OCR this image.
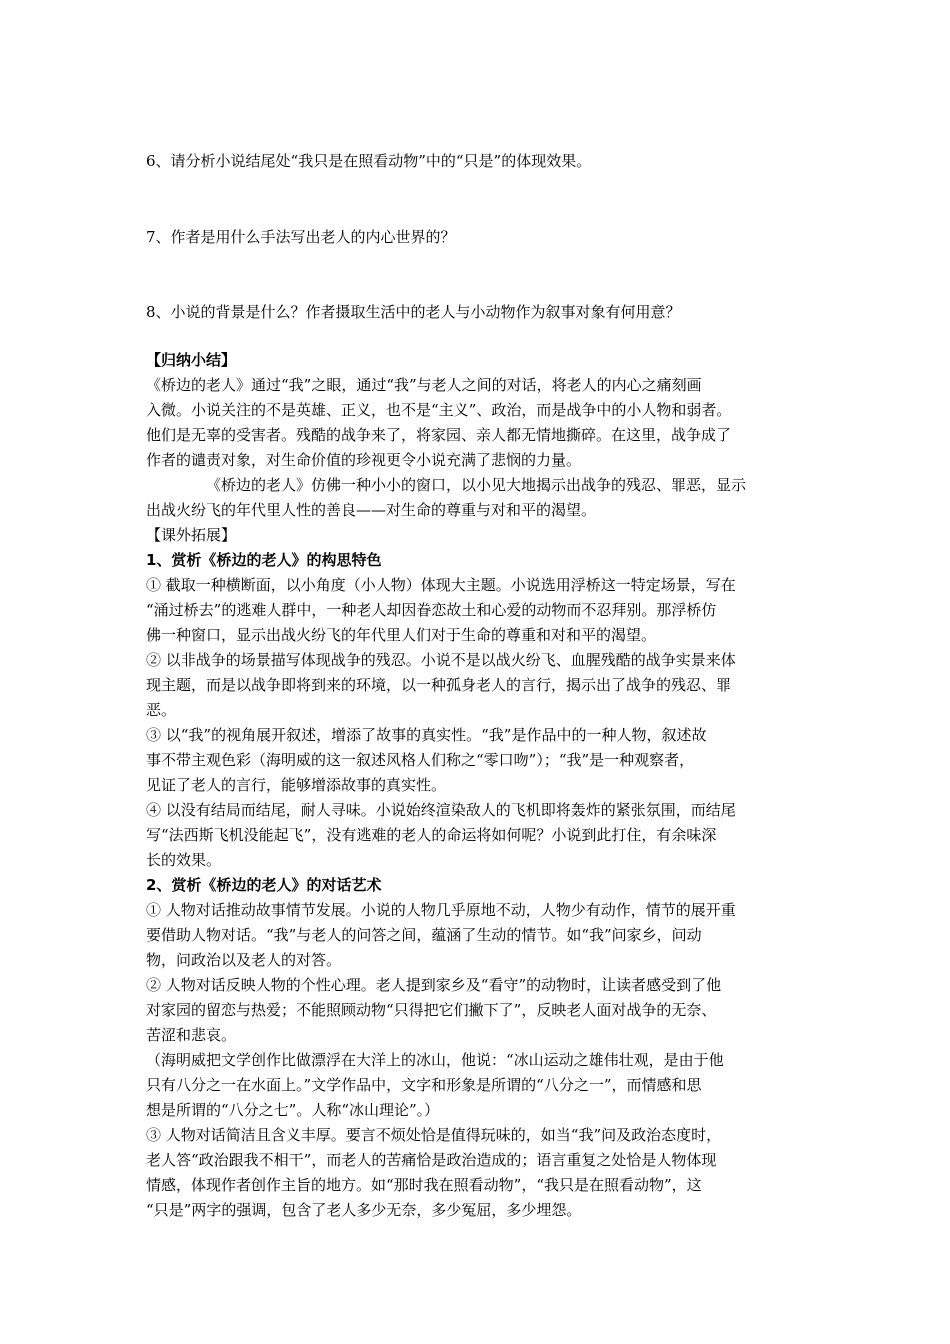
6、请分析小说结尾处“我只是在照看动物”中的“只是”的体现效果。
7、作者是用什么手法写出老人的内心世界的？
8、小说的背景是什么？作者摄取生活中的老人与小动物作为叙事对象有何用意？
【归纳小结】
《桥边的老人》通过“我”之眼，通过“我”与老人之间的对话，将老人的内心之痛刻画
入微。小说关注的不是英雄、正义，也不是“主义”、政治，而是战争中的小人物和弱者。
他们是无辜的受害者。残酷的战争来了，将家园、亲人都无情地撕碎。在这里，战争成了
作者的谴责对象，对生命价值的珍视更令小说充满了悲悯的力量。
《桥边的老人》仿佛一种小小的窗口，以小见大地揭示出战争的残忍、罪恶，显示
出战火纷飞的年代里人性的善良——对生命的尊重与对和平的渴望。
【课外拓展】
1、赏析《桥边的老人》的构思特色
① 截取一种横断面，以小角度（小人物）体现大主题。小说选用浮桥这一特定场景，写在
“涌过桥去”的逃难人群中，一种老人却因眷恋故土和心爱的动物而不忍拜别。那浮桥仿
佛一种窗口，显示出战火纷飞的年代里人们对于生命的尊重和对和平的渴望。
② 以非战争的场景描写体现战争的残忍。小说不是以战火纷飞、血腥残酷的战争实景来体
现主题，而是以战争即将到来的环境，以一种孤身老人的言行，揭示出了战争的残忍、罪
恶。
③ 以“我”的视角展开叙述，增添了故事的真实性。“我”是作品中的一种人物，叙述故
事不带主观色彩（海明威的这一叙述风格人们称之“零口吻”）；“我”是一种观察者，
见证了老人的言行，能够增添故事的真实性。
④ 以没有结局而结尾，耐人寻味。小说始终渲染敌人的飞机即将轰炸的紧张氛围，而结尾
写“法西斯飞机没能起飞”，没有逃难的老人的命运将如何呢？小说到此打住，有余味深
长的效果。
2、赏析《桥边的老人》的对话艺术
① 人物对话推动故事情节发展。小说的人物几乎原地不动，人物少有动作，情节的展开重
要借助人物对话。“我”与老人的问答之间，蕴涵了生动的情节。如“我”问家乡，问动
物，问政治以及老人的对答。
② 人物对话反映人物的个性心理。老人提到家乡及“看守”的动物时，让读者感受到了他
对家园的留恋与热爱；不能照顾动物“只得把它们撇下了”，反映老人面对战争的无奈、
苦涩和悲哀。
（海明威把文学创作比做漂浮在大洋上的冰山，他说：“冰山运动之雄伟壮观，是由于他
只有八分之一在水面上。”文学作品中，文字和形象是所谓的“八分之一”，而情感和思
想是所谓的“八分之七”。人称“冰山理论”。）
③ 人物对话简洁且含义丰厚。要言不烦处恰是值得玩味的，如当“我”问及政治态度时，
老人答“政治跟我不相干”，而老人的苦痛恰是政治造成的；语言重复之处恰是人物体现
情感，体现作者创作主旨的地方。如“那时我在照看动物”，“我只是在照看动物”，这
“只是”两字的强调，包含了老人多少无奈，多少冤屈，多少埋怨。
